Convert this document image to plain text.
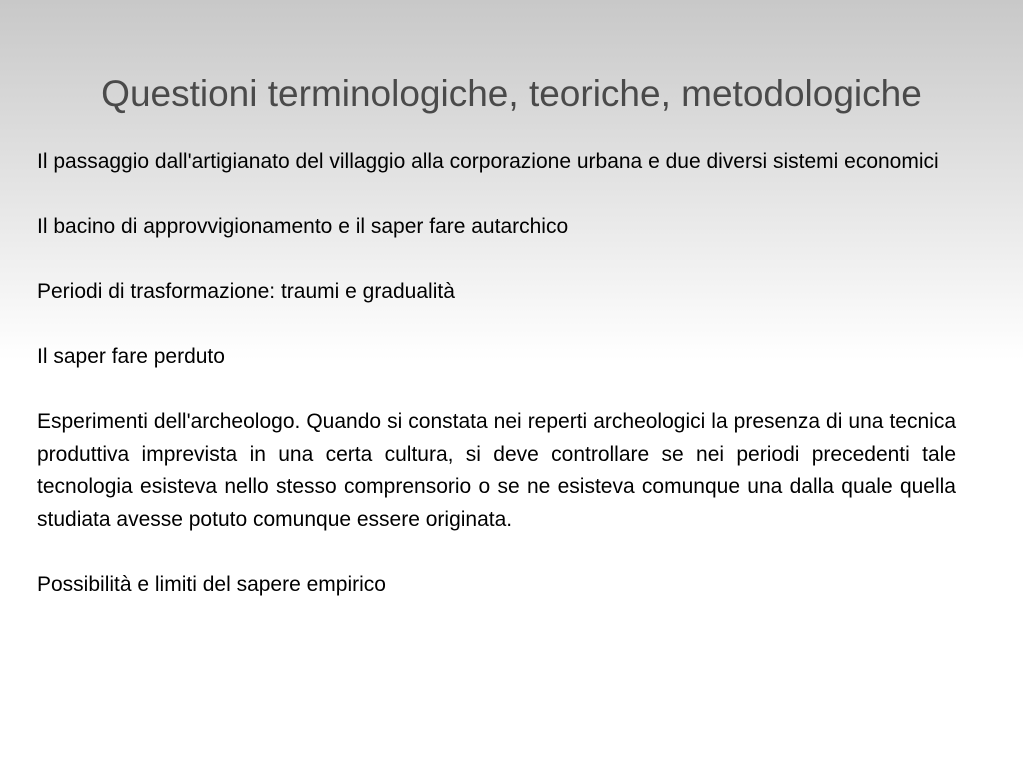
Questioni terminologiche, teoriche, metodologiche

Il passaggio dall'artigianato del villaggio alla corporazione urbana e due diversi sistemi economici

Il bacino di approvvigionamento e il saper fare autarchico

Periodi di trasformazione: traumi e gradualità

Il saper fare perduto

Esperimenti dell'archeologo. Quando si constata nei reperti archeologici la presenza di una tecnica produttiva imprevista in una certa cultura, si deve controllare se nei periodi precedenti tale tecnologia esisteva nello stesso comprensorio o se ne esisteva comunque una dalla quale quella studiata avesse potuto comunque essere originata.

Possibilità e limiti del sapere empirico
